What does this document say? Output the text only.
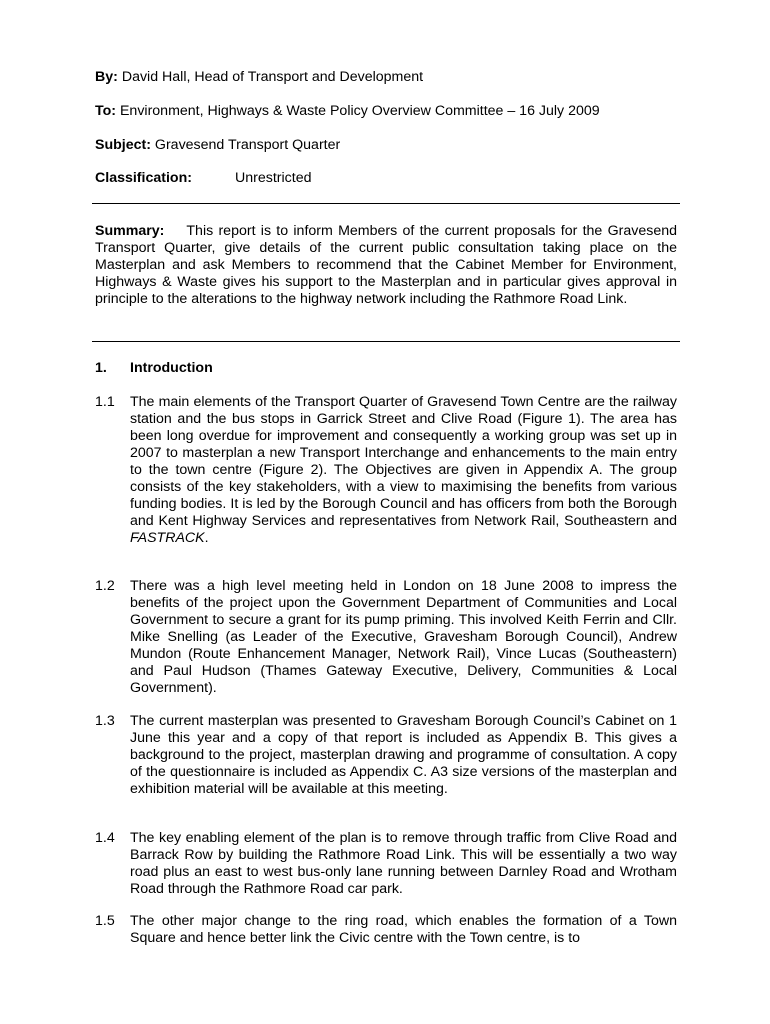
By: David Hall, Head of Transport and Development
To: Environment, Highways & Waste Policy Overview Committee – 16 July 2009
Subject: Gravesend Transport Quarter
Classification:	Unrestricted
Summary: This report is to inform Members of the current proposals for the Gravesend Transport Quarter, give details of the current public consultation taking place on the Masterplan and ask Members to recommend that the Cabinet Member for Environment, Highways & Waste gives his support to the Masterplan and in particular gives approval in principle to the alterations to the highway network including the Rathmore Road Link.
1. Introduction
1.1 The main elements of the Transport Quarter of Gravesend Town Centre are the railway station and the bus stops in Garrick Street and Clive Road (Figure 1). The area has been long overdue for improvement and consequently a working group was set up in 2007 to masterplan a new Transport Interchange and enhancements to the main entry to the town centre (Figure 2). The Objectives are given in Appendix A. The group consists of the key stakeholders, with a view to maximising the benefits from various funding bodies. It is led by the Borough Council and has officers from both the Borough and Kent Highway Services and representatives from Network Rail, Southeastern and FASTRACK.
1.2 There was a high level meeting held in London on 18 June 2008 to impress the benefits of the project upon the Government Department of Communities and Local Government to secure a grant for its pump priming. This involved Keith Ferrin and Cllr. Mike Snelling (as Leader of the Executive, Gravesham Borough Council), Andrew Mundon (Route Enhancement Manager, Network Rail), Vince Lucas (Southeastern) and Paul Hudson (Thames Gateway Executive, Delivery, Communities & Local Government).
1.3 The current masterplan was presented to Gravesham Borough Council’s Cabinet on 1 June this year and a copy of that report is included as Appendix B. This gives a background to the project, masterplan drawing and programme of consultation. A copy of the questionnaire is included as Appendix C. A3 size versions of the masterplan and exhibition material will be available at this meeting.
1.4 The key enabling element of the plan is to remove through traffic from Clive Road and Barrack Row by building the Rathmore Road Link. This will be essentially a two way road plus an east to west bus-only lane running between Darnley Road and Wrotham Road through the Rathmore Road car park.
1.5 The other major change to the ring road, which enables the formation of a Town Square and hence better link the Civic centre with the Town centre, is to
